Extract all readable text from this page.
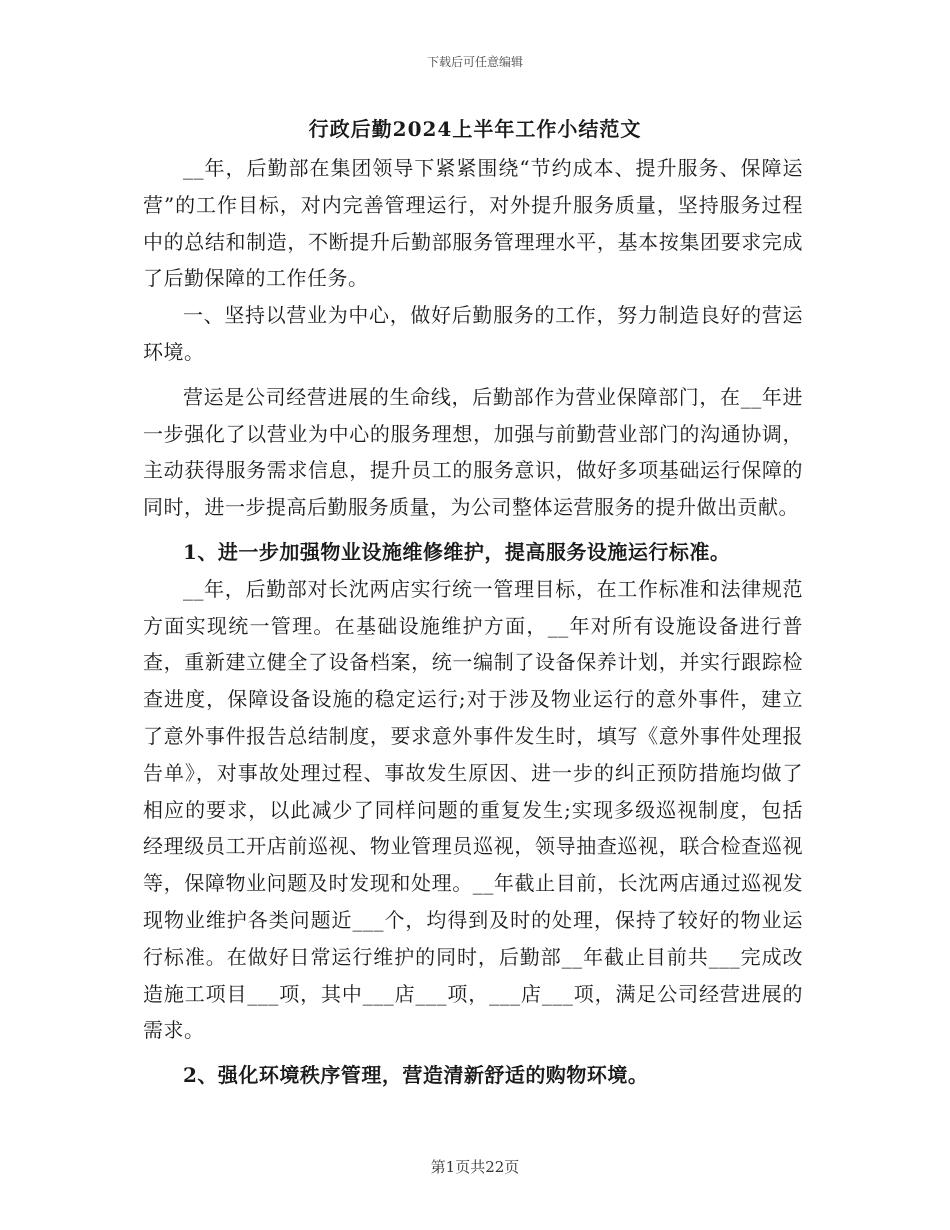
下载后可任意编辑
行政后勤2024上半年工作小结范文

__年，后勤部在集团领导下紧紧围绕“节约成本、提升服务、保障运营”的工作目标，对内完善管理运行，对外提升服务质量，坚持服务过程中的总结和制造，不断提升后勤部服务管理理水平，基本按集团要求完成了后勤保障的工作任务。

一、坚持以营业为中心，做好后勤服务的工作，努力制造良好的营运环境。

营运是公司经营进展的生命线，后勤部作为营业保障部门，在__年进一步强化了以营业为中心的服务理想，加强与前勤营业部门的沟通协调，主动获得服务需求信息，提升员工的服务意识，做好多项基础运行保障的同时，进一步提高后勤服务质量，为公司整体运营服务的提升做出贡献。

1、进一步加强物业设施维修维护，提高服务设施运行标准。

__年，后勤部对长沈两店实行统一管理目标，在工作标准和法律规范方面实现统一管理。在基础设施维护方面，__年对所有设施设备进行普查，重新建立健全了设备档案，统一编制了设备保养计划，并实行跟踪检查进度，保障设备设施的稳定运行;对于涉及物业运行的意外事件，建立了意外事件报告总结制度，要求意外事件发生时，填写《意外事件处理报告单》，对事故处理过程、事故发生原因、进一步的纠正预防措施均做了相应的要求，以此减少了同样问题的重复发生;实现多级巡视制度，包括经理级员工开店前巡视、物业管理员巡视，领导抽查巡视，联合检查巡视等，保障物业问题及时发现和处理。__年截止目前，长沈两店通过巡视发现物业维护各类问题近___个，均得到及时的处理，保持了较好的物业运行标准。在做好日常运行维护的同时，后勤部__年截止目前共___完成改造施工项目___项，其中___店___项，___店___项，满足公司经营进展的需求。

2、强化环境秩序管理，营造清新舒适的购物环境。

第1页共22页
